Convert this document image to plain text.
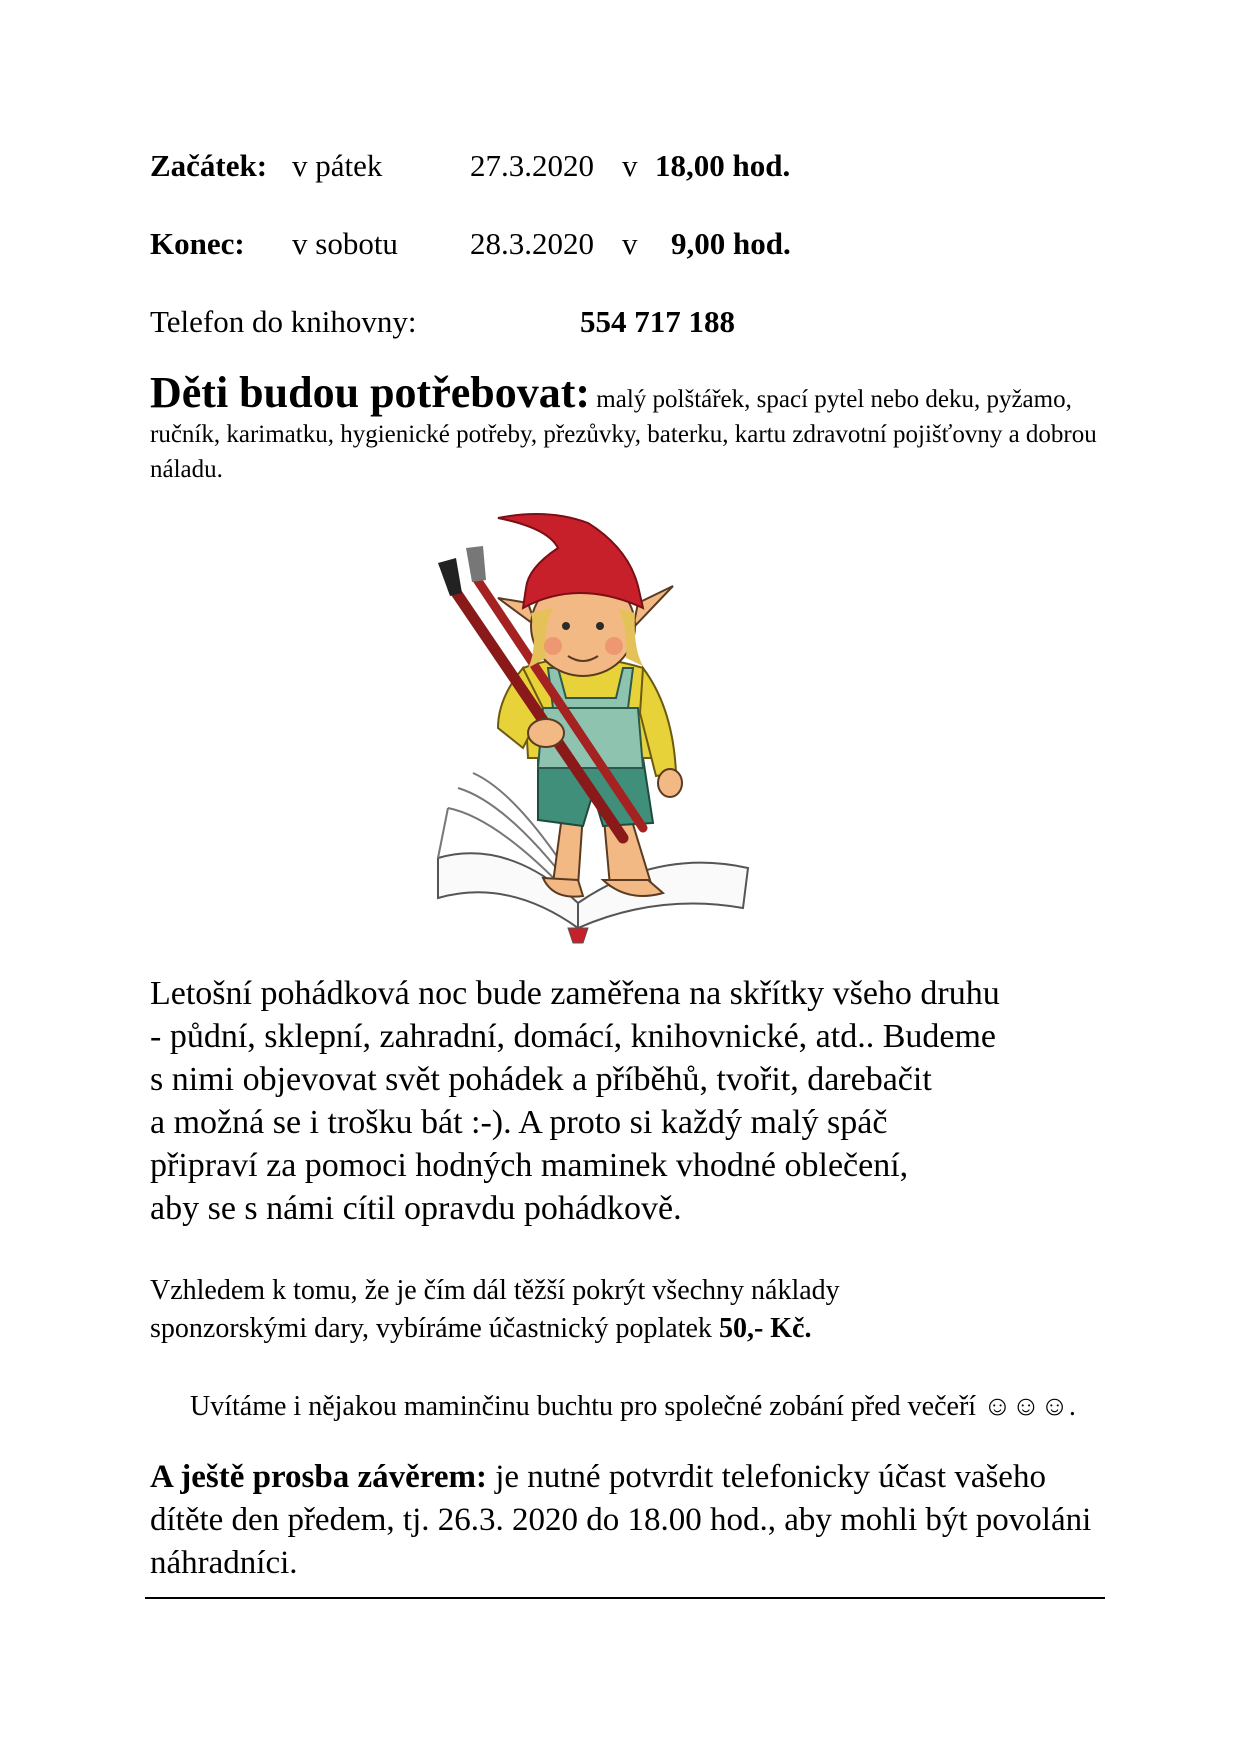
Začátek: v pátek	27.3.2020 v 18,00 hod.
Konec: v sobotu 28.3.2020 v 9,00 hod.
Telefon do knihovny:	554 717 188
Děti budou potřebovat: malý polštářek, spací pytel nebo deku, pyžamo, ručník, karimatku, hygienické potřeby, přezůvky, baterku, kartu zdravotní pojišťovny a dobrou náladu.
Letošní pohádková noc bude zaměřena na skřítky všeho druhu
- půdní, sklepní, zahradní, domácí, knihovnické, atd.. Budeme
s nimi objevovat svět pohádek a příběhů, tvořit, darebačit
a možná se i trošku bát :-). A proto si každý malý spáč
připraví za pomoci hodných maminek vhodné oblečení,
aby se s námi cítil opravdu pohádkově.
Vzhledem k tomu, že je čím dál těžší pokrýt všechny náklady
sponzorskými dary, vybíráme účastnický poplatek 50,- Kč.
Uvítáme i nějakou maminčinu buchtu pro společné zobání před večeří ☺☺☺.
A ještě prosba závěrem: je nutné potvrdit telefonicky účast vašeho dítěte den předem, tj. 26.3. 2020 do 18.00 hod., aby mohli být povoláni náhradníci.
